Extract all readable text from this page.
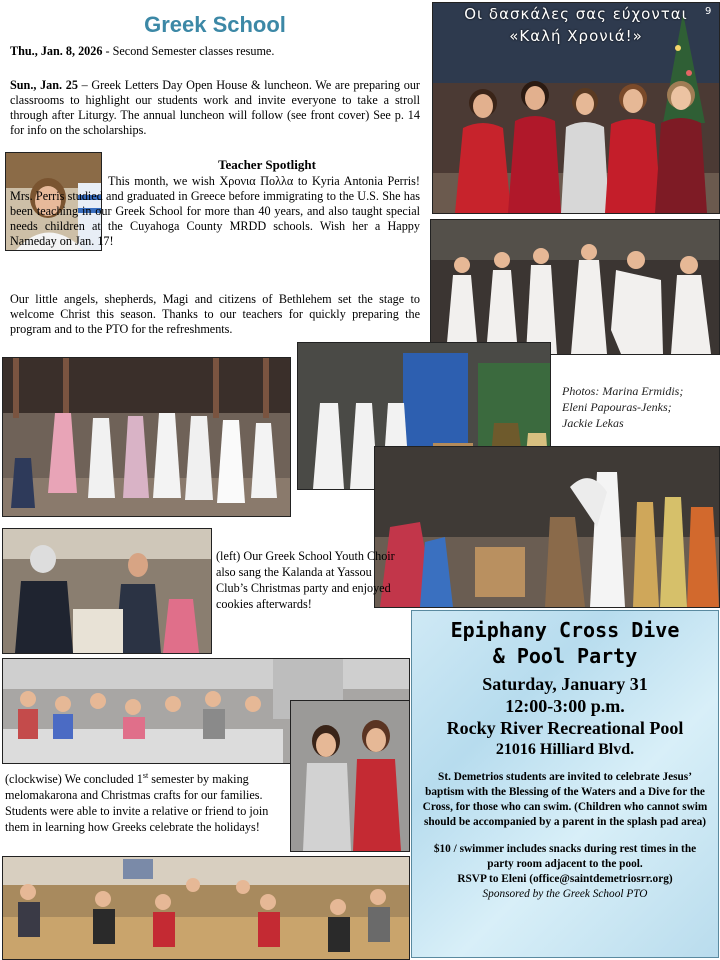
Greek School
Thu., Jan. 8, 2026 - Second Semester classes resume.
Sun., Jan. 25 – Greek Letters Day Open House & luncheon. We are preparing our classrooms to highlight our students work and invite everyone to take a stroll through after Liturgy. The annual luncheon will follow (see front cover) See p. 14 for info on the scholarships.
Teacher Spotlight
This month, we wish Χρονια Πολλα to Kyria Antonia Perris! Mrs. Perris studied and graduated in Greece before immigrating to the U.S. She has been teaching in our Greek School for more than 40 years, and also taught special needs children at the Cuyahoga County MRDD schools. Wish her a Happy Nameday on Jan. 17!
Our little angels, shepherds, Magi and citizens of Bethlehem set the stage to welcome Christ this season. Thanks to our teachers for quickly preparing the program and to the PTO for the refreshments.
Οι δασκάλες σας εύχονται
«Καλή Χρονιά!»
9
Photos: Marina Ermidis;
Eleni Papouras-Jenks;
Jackie Lekas
(left) Our Greek School Youth Choir also sang the Kalanda at Yassou Club’s Christmas party and enjoyed cookies afterwards!
(clockwise) We concluded 1st semester by making melomakarona and Christmas crafts for our families. Students were able to invite a relative or friend to join them in learning how Greeks celebrate the holidays!
Epiphany Cross Dive
& Pool Party
Saturday, January 31
12:00-3:00 p.m.
Rocky River Recreational Pool
21016 Hilliard Blvd.
St. Demetrios students are invited to celebrate Jesus’ baptism with the Blessing of the Waters and a Dive for the Cross, for those who can swim. (Children who cannot swim should be accompanied by a parent in the splash pad area)
$10 / swimmer includes snacks during rest times in the party room adjacent to the pool.
RSVP to Eleni (office@saintdemetriosrr.org)
Sponsored by the Greek School PTO
